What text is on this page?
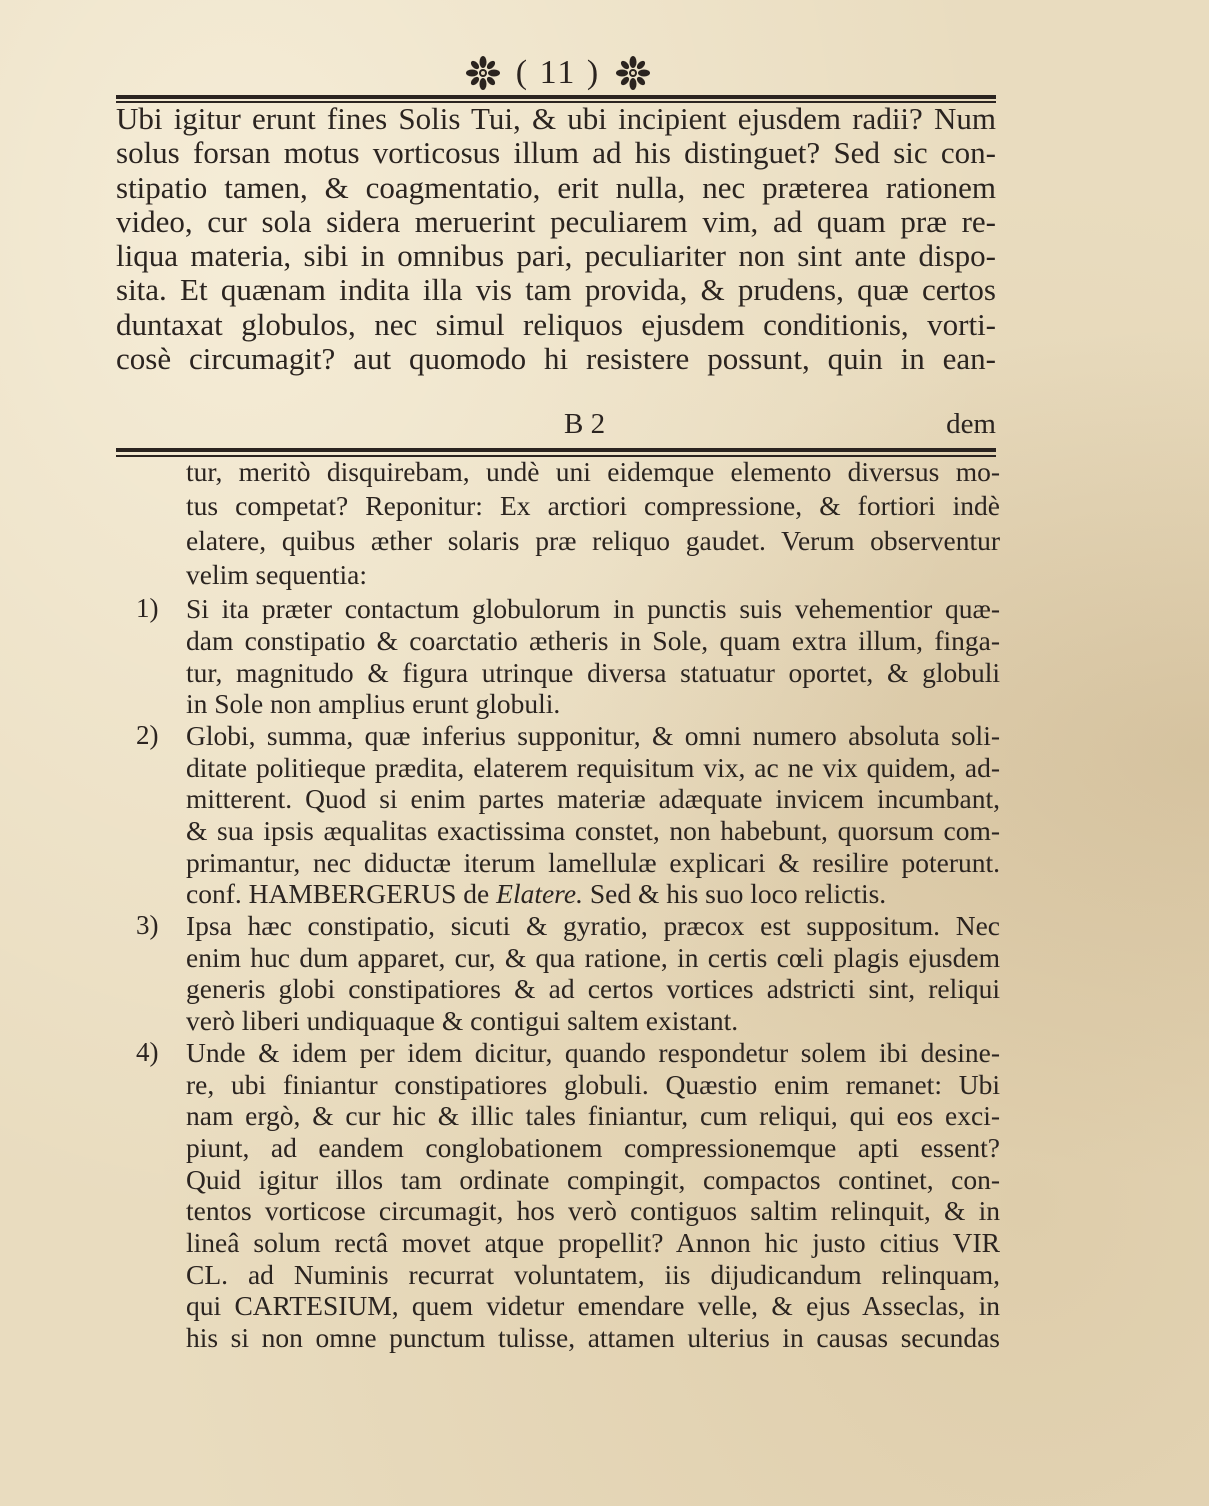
( 11 )
Ubi igitur erunt fines Solis Tui, & ubi incipient ejusdem radii? Num
solus forsan motus vorticosus illum ad his distinguet? Sed sic con-
stipatio tamen, & coagmentatio, erit nulla, nec præterea rationem
video, cur sola sidera meruerint peculiarem vim, ad quam præ re-
liqua materia, sibi in omnibus pari, peculiariter non sint ante dispo-
sita. Et quænam indita illa vis tam provida, & prudens, quæ certos
duntaxat globulos, nec simul reliquos ejusdem conditionis, vorti-
cosè circumagit? aut quomodo hi resistere possunt, quin in ean-
B 2	dem
tur, meritò disquirebam, undè uni eidemque elemento diversus mo-
tus competat? Reponitur: Ex arctiori compressione, & fortiori indè
elatere, quibus æther solaris præ reliquo gaudet. Verum observentur
velim sequentia:
1) Si ita præter contactum globulorum in punctis suis vehementior quæ-
dam constipatio & coarctatio ætheris in Sole, quam extra illum, finga-
tur, magnitudo & figura utrinque diversa statuatur oportet, & globuli
in Sole non amplius erunt globuli.
2) Globi, summa, quæ inferius supponitur, & omni numero absoluta soli-
ditate politieque prædita, elaterem requisitum vix, ac ne vix quidem, ad-
mitterent. Quod si enim partes materiæ adæquate invicem incumbant,
& sua ipsis æqualitas exactissima constet, non habebunt, quorsum com-
primantur, nec diductæ iterum lamellulæ explicari & resilire poterunt.
conf. HAMBERGERUS de Elatere. Sed & his suo loco relictis.
3) Ipsa hæc constipatio, sicuti & gyratio, præcox est suppositum. Nec
enim huc dum apparet, cur, & qua ratione, in certis cœli plagis ejusdem
generis globi constipatiores & ad certos vortices adstricti sint, reliqui
verò liberi undiquaque & contigui saltem existant.
4) Unde & idem per idem dicitur, quando respondetur solem ibi desine-
re, ubi finiantur constipatiores globuli. Quæstio enim remanet: Ubi
nam ergò, & cur hic & illic tales finiantur, cum reliqui, qui eos exci-
piunt, ad eandem conglobationem compressionemque apti essent?
Quid igitur illos tam ordinate compingit, compactos continet, con-
tentos vorticose circumagit, hos verò contiguos saltim relinquit, & in
lineâ solum rectâ movet atque propellit? Annon hic justo citius VIR
CL. ad Numinis recurrat voluntatem, iis dijudicandum relinquam,
qui CARTESIUM, quem videtur emendare velle, & ejus Asseclas, in
his si non omne punctum tulisse, attamen ulterius in causas secundas
